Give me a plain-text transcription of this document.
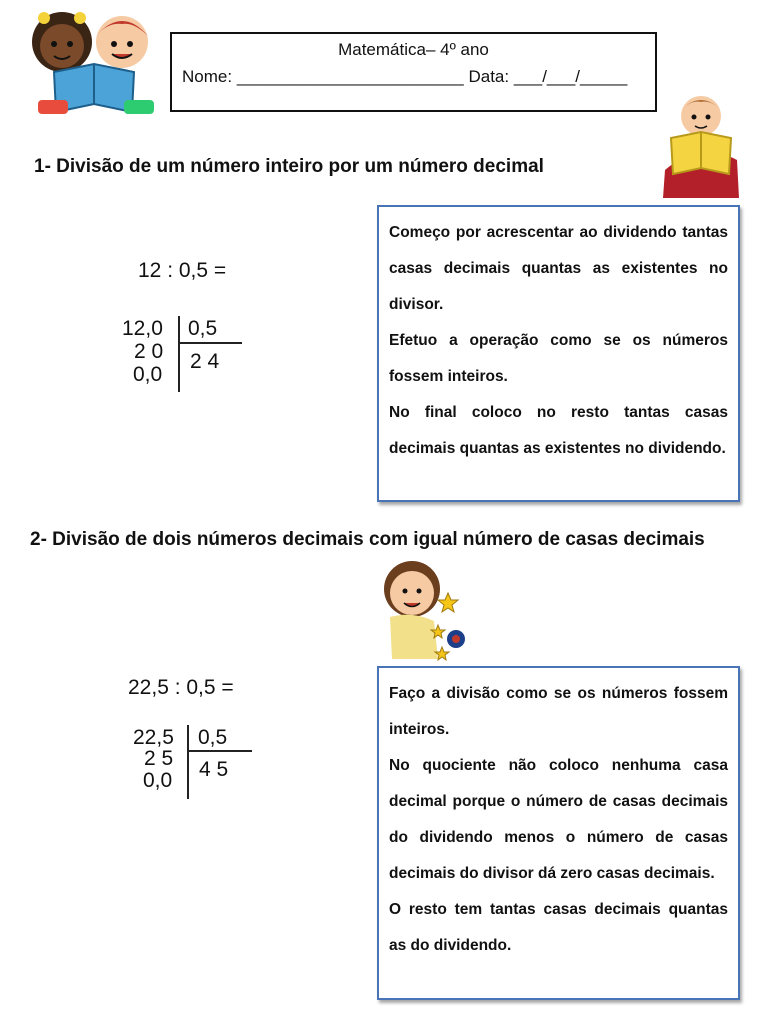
Matemática– 4º ano
Nome: ________________________ Data: ___/___/_____
1- Divisão de um número inteiro por um número decimal
12 : 0,5 =
12,0
2 0
0,0
0,5
2 4

Começo por acrescentar ao dividendo tantas casas decimais quantas as existentes no divisor.

Efetuo a operação como se os números fossem inteiros.

No final coloco no resto tantas casas decimais quantas as existentes no dividendo.

2- Divisão de dois números decimais com igual número de casas decimais
22,5 : 0,5 =
22,5
2 5
0,0
0,5
4 5

Faço a divisão como se os números fossem inteiros.

No quociente não coloco nenhuma casa decimal porque o número de casas decimais do dividendo menos o número de casas decimais do divisor dá zero casas decimais.

O resto tem tantas casas decimais quantas as do dividendo.
